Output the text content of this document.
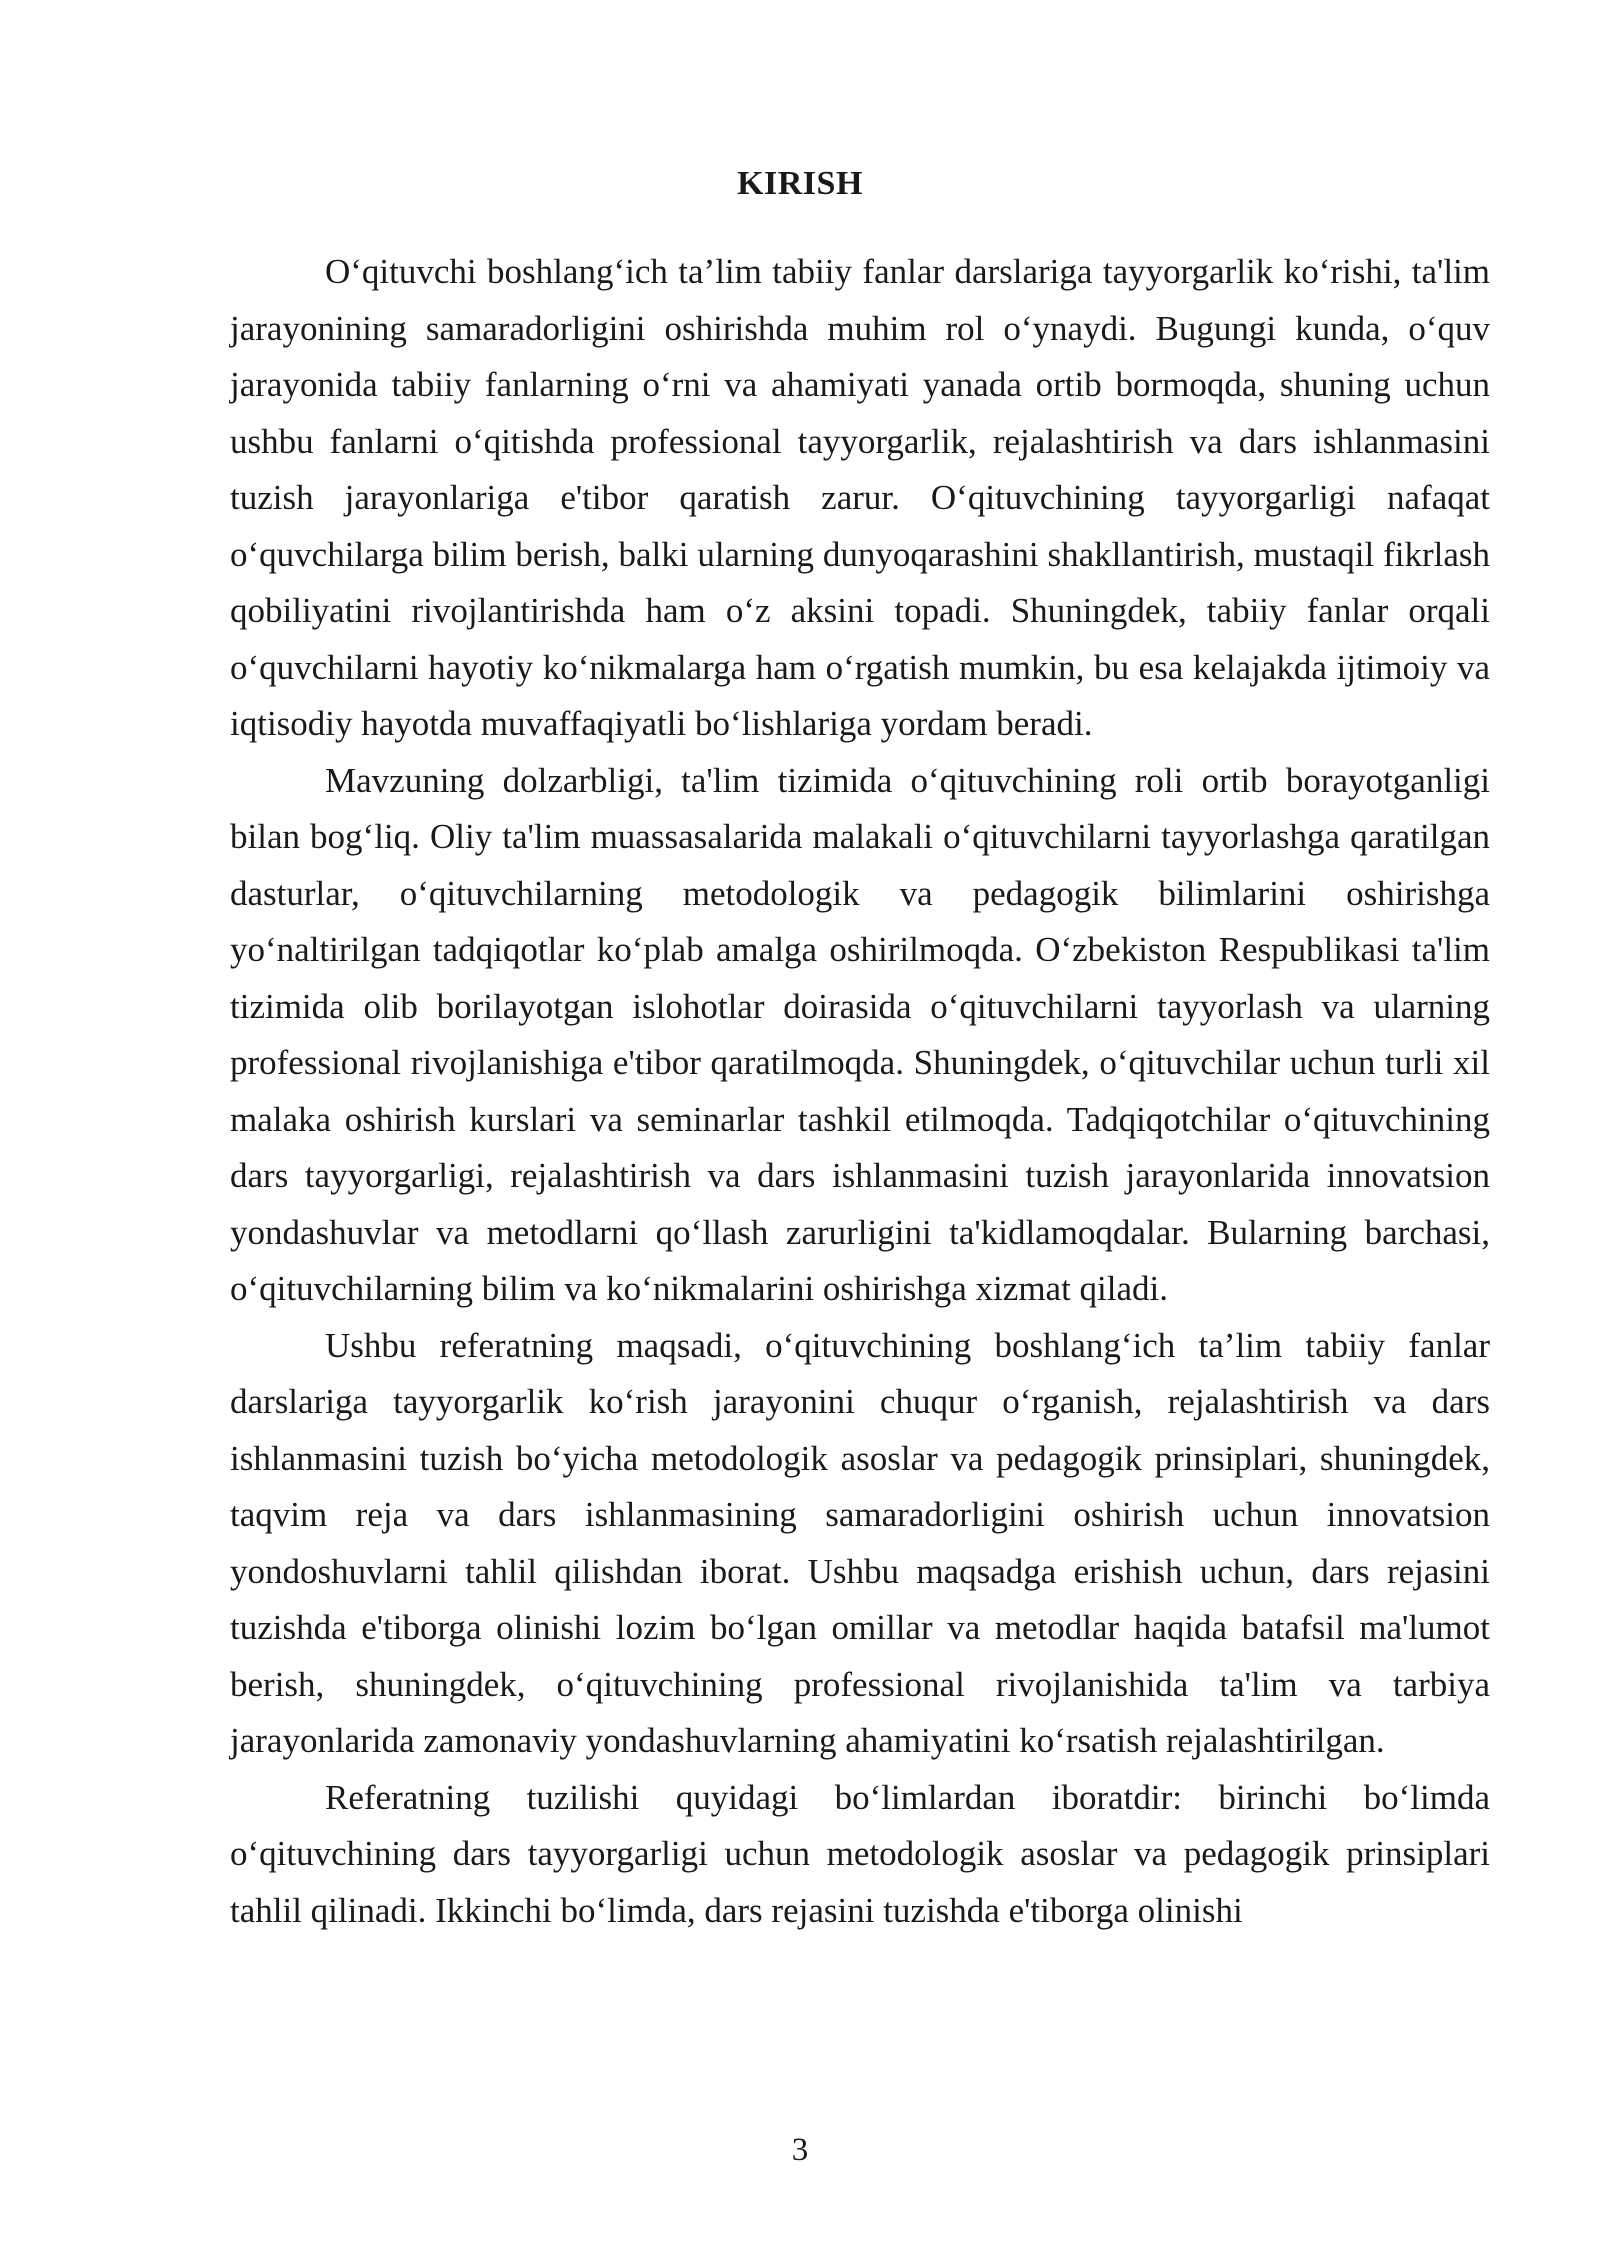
KIRISH

O‘qituvchi boshlang‘ich ta’lim tabiiy fanlar darslariga tayyorgarlik ko‘rishi, ta'lim jarayonining samaradorligini oshirishda muhim rol o‘ynaydi. Bugungi kunda, o‘quv jarayonida tabiiy fanlarning o‘rni va ahamiyati yanada ortib bormoqda, shuning uchun ushbu fanlarni o‘qitishda professional tayyorgarlik, rejalashtirish va dars ishlanmasini tuzish jarayonlariga e'tibor qaratish zarur. O‘qituvchining tayyorgarligi nafaqat o‘quvchilarga bilim berish, balki ularning dunyoqarashini shakllantirish, mustaqil fikrlash qobiliyatini rivojlantirishda ham o‘z aksini topadi. Shuningdek, tabiiy fanlar orqali o‘quvchilarni hayotiy ko‘nikmalarga ham o‘rgatish mumkin, bu esa kelajakda ijtimoiy va iqtisodiy hayotda muvaffaqiyatli bo‘lishlariga yordam beradi.

Mavzuning dolzarbligi, ta'lim tizimida o‘qituvchining roli ortib borayotganligi bilan bog‘liq. Oliy ta'lim muassasalarida malakali o‘qituvchilarni tayyorlashga qaratilgan dasturlar, o‘qituvchilarning metodologik va pedagogik bilimlarini oshirishga yo‘naltirilgan tadqiqotlar ko‘plab amalga oshirilmoqda. O‘zbekiston Respublikasi ta'lim tizimida olib borilayotgan islohotlar doirasida o‘qituvchilarni tayyorlash va ularning professional rivojlanishiga e'tibor qaratilmoqda. Shuningdek, o‘qituvchilar uchun turli xil malaka oshirish kurslari va seminarlar tashkil etilmoqda. Tadqiqotchilar o‘qituvchining dars tayyorgarligi, rejalashtirish va dars ishlanmasini tuzish jarayonlarida innovatsion yondashuvlar va metodlarni qo‘llash zarurligini ta'kidlamoqdalar. Bularning barchasi, o‘qituvchilarning bilim va ko‘nikmalarini oshirishga xizmat qiladi.

Ushbu referatning maqsadi, o‘qituvchining boshlang‘ich ta’lim tabiiy fanlar darslariga tayyorgarlik ko‘rish jarayonini chuqur o‘rganish, rejalashtirish va dars ishlanmasini tuzish bo‘yicha metodologik asoslar va pedagogik prinsiplari, shuningdek, taqvim reja va dars ishlanmasining samaradorligini oshirish uchun innovatsion yondoshuvlarni tahlil qilishdan iborat. Ushbu maqsadga erishish uchun, dars rejasini tuzishda e'tiborga olinishi lozim bo‘lgan omillar va metodlar haqida batafsil ma'lumot berish, shuningdek, o‘qituvchining professional rivojlanishida ta'lim va tarbiya jarayonlarida zamonaviy yondashuvlarning ahamiyatini ko‘rsatish rejalashtirilgan.

Referatning tuzilishi quyidagi bo‘limlardan iboratdir: birinchi bo‘limda o‘qituvchining dars tayyorgarligi uchun metodologik asoslar va pedagogik prinsiplari tahlil qilinadi. Ikkinchi bo‘limda, dars rejasini tuzishda e'tiborga olinishi

3
